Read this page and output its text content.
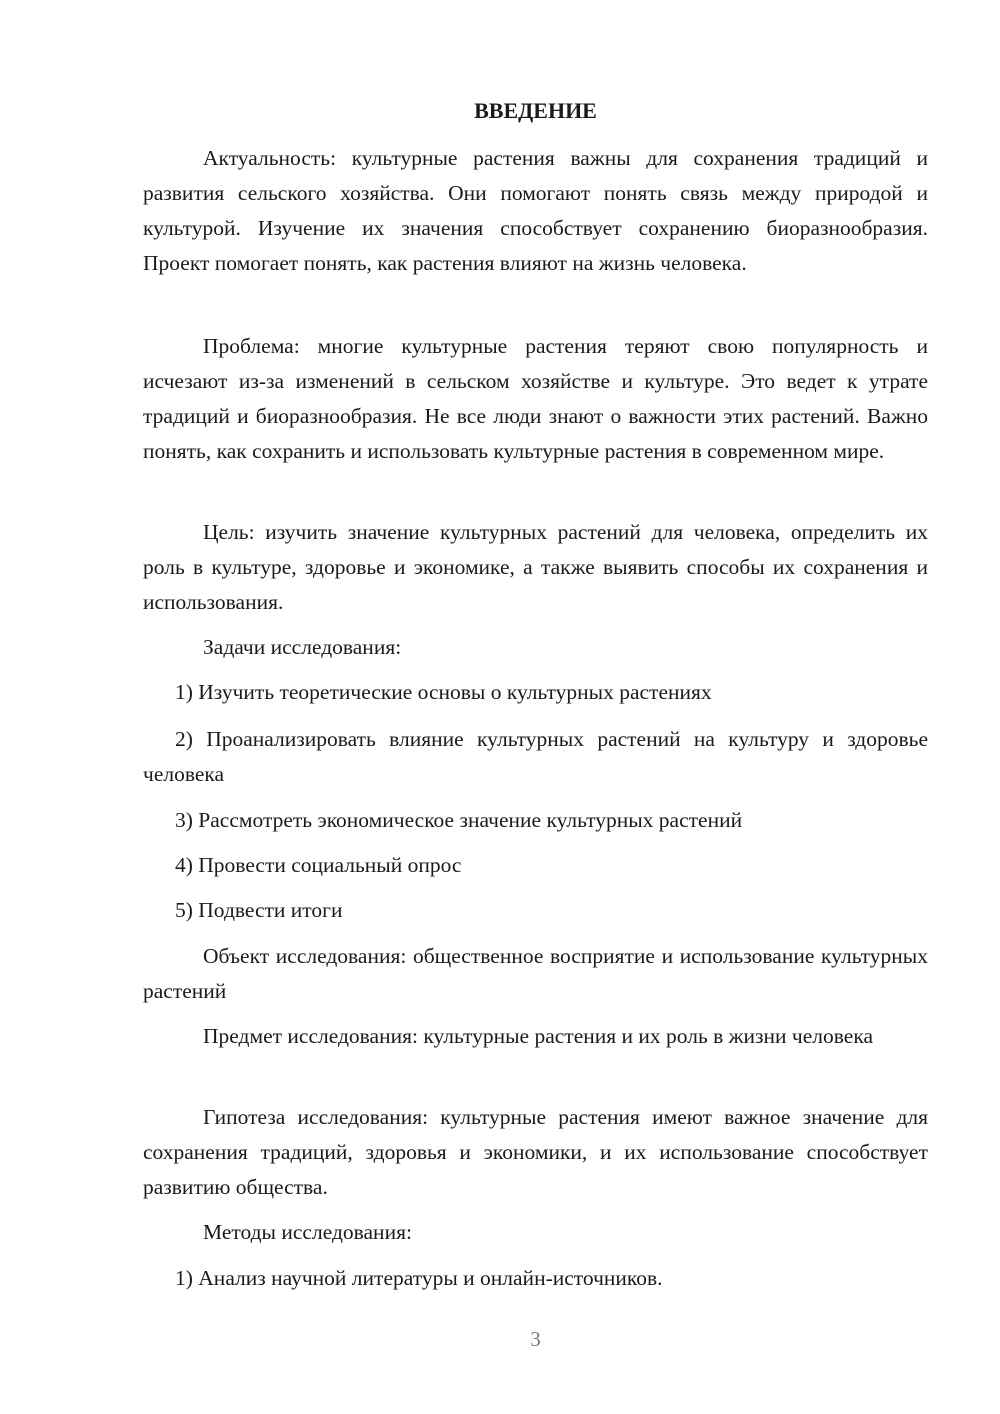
ВВЕДЕНИЕ

Актуальность: культурные растения важны для сохранения традиций и развития сельского хозяйства. Они помогают понять связь между природой и культурой. Изучение их значения способствует сохранению биоразнообразия. Проект помогает понять, как растения влияют на жизнь человека.

Проблема: многие культурные растения теряют свою популярность и исчезают из-за изменений в сельском хозяйстве и культуре. Это ведет к утрате традиций и биоразнообразия. Не все люди знают о важности этих растений. Важно понять, как сохранить и использовать культурные растения в современном мире.

Цель: изучить значение культурных растений для человека, определить их роль в культуре, здоровье и экономике, а также выявить способы их сохранения и использования.

Задачи исследования:

1) Изучить теоретические основы о культурных растениях

2) Проанализировать влияние культурных растений на культуру и здоровье человека

3) Рассмотреть экономическое значение культурных растений

4) Провести социальный опрос

5) Подвести итоги

Объект исследования: общественное восприятие и использование культурных растений

Предмет исследования: культурные растения и их роль в жизни человека

Гипотеза исследования: культурные растения имеют важное значение для сохранения традиций, здоровья и экономики, и их использование способствует развитию общества.

Методы исследования:

1) Анализ научной литературы и онлайн-источников.

3
